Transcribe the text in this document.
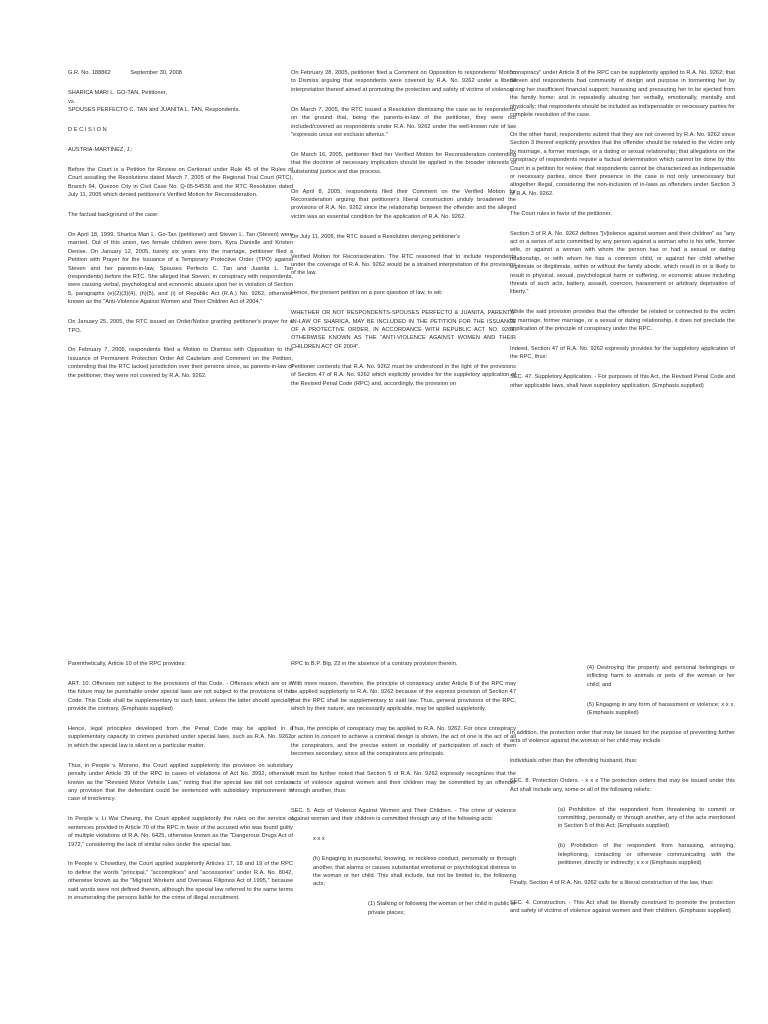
G.R. No. 188862	September 30, 2008

SHARICA MARI L. GO-TAN, Petitioner,

vs.

SPOUSES PERFECTO C. TAN and JUANITA L. TAN, Respondents.

D E C I S I O N

AUSTRIA-MARTINEZ, J.:

Before the Court is a Petition for Review on Certiorari under Rule 45 of the Rules of Court assailing the Resolutions dated March 7, 2005 of the Regional Trial Court (RTC), Branch 94, Quezon City in Civil Case No. Q-05-54536 and the RTC Resolution dated July 11, 2005 which denied petitioner's Verified Motion for Reconsideration.

The factual background of the case:

On April 18, 1999, Sharica Mari L. Go-Tan (petitioner) and Steven L. Tan (Steven) were married. Out of this union, two female children were born, Kyra Danielle and Kristen Denise. On January 12, 2005, barely six years into the marriage, petitioner filed a Petition with Prayer for the Issuance of a Temporary Protective Order (TPO) against Steven and her parents-in-law, Spouses Perfecto C. Tan and Juanita L. Tan (respondents) before the RTC. She alleged that Steven, in conspiracy with respondents, were causing verbal, psychological and economic abuses upon her in violation of Section 5, paragraphs (e)(2)(3)(4), (h)(5), and (i) of Republic Act (R.A.) No. 9262, otherwise known as the "Anti-Violence Against Women and Their Children Act of 2004."

On January 25, 2005, the RTC issued an Order/Notice granting petitioner's prayer for a TPO.

On February 7, 2005, respondents filed a Motion to Dismiss with Opposition to the Issuance of Permanent Protection Order Ad Cautelam and Comment on the Petition, contending that the RTC lacked jurisdiction over their persons since, as parents-in-law of the petitioner, they were not covered by R.A. No. 9262.

On February 28, 2005, petitioner filed a Comment on Opposition to respondents' Motion to Dismiss arguing that respondents were covered by R.A. No. 9262 under a liberal interpretation thereof aimed at promoting the protection and safety of victims of violence.

On March 7, 2005, the RTC issued a Resolution dismissing the case as to respondents on the ground that, being the parents-in-law of the petitioner, they were not included/covered as respondents under R.A. No. 9262 under the well-known rule of law "expressio unius est exclusio alterius."

On March 16, 2005, petitioner filed her Verified Motion for Reconsideration contending that the doctrine of necessary implication should be applied in the broader interests of substantial justice and due process.

On April 8, 2005, respondents filed their Comment on the Verified Motion for Reconsideration arguing that petitioner's liberal construction unduly broadened the provisions of R.A. No. 9262 since the relationship between the offender and the alleged victim was an essential condition for the application of R.A. No. 9262.

On July 11, 2005, the RTC issued a Resolution denying petitioner's

Verified Motion for Reconsideration. The RTC reasoned that to include respondents under the coverage of R.A. No. 9262 would be a strained interpretation of the provisions of the law.

Hence, the present petition on a pure question of law, to wit:

WHETHER OR NOT RESPONDENTS-SPOUSES PERFECTO & JUANITA, PARENTS-IN-LAW OF SHARICA, MAY BE INCLUDED IN THE PETITION FOR THE ISSUANCE OF A PROTECTIVE ORDER, IN ACCORDANCE WITH REPUBLIC ACT NO. 9262, OTHERWISE KNOWN AS THE "ANTI-VIOLENCE AGAINST WOMEN AND THEIR CHILDREN ACT OF 2004".

Petitioner contends that R.A. No. 9262 must be understood in the light of the provisions of Section 47 of R.A. No. 9262 which explicitly provides for the suppletory application of the Revised Penal Code (RPC) and, accordingly, the provision on

"conspiracy" under Article 8 of the RPC can be suppletorily applied to R.A. No. 9262; that Steven and respondents had community of design and purpose in tormenting her by giving her insufficient financial support; harassing and pressuring her to be ejected from the family home; and in repeatedly abusing her verbally, emotionally, mentally and physically; that respondents should be included as indispensable or necessary parties for complete resolution of the case.

On the other hand, respondents submit that they are not covered by R.A. No. 9262 since Section 3 thereof explicitly provides that the offender should be related to the victim only by marriage, a former marriage, or a dating or sexual relationship; that allegations on the conspiracy of respondents require a factual determination which cannot be done by this Court in a petition for review; that respondents cannot be characterized as indispensable or necessary parties, since their presence in the case is not only unnecessary but altogether illegal, considering the non-inclusion of in-laws as offenders under Section 3 of R.A. No. 9262.

The Court rules in favor of the petitioner.

Section 3 of R.A. No. 9262 defines "[v]iolence against women and their children" as "any act or a series of acts committed by any person against a woman who is his wife, former wife, or against a woman with whom the person has or had a sexual or dating relationship, or with whom he has a common child, or against her child whether legitimate or illegitimate, within or without the family abode, which result in or is likely to result in physical, sexual, psychological harm or suffering, or economic abuse including threats of such acts, battery, assault, coercion, harassment or arbitrary deprivation of liberty."

While the said provision provides that the offender be related or connected to the victim by marriage, former marriage, or a sexual or dating relationship, it does not preclude the application of the principle of conspiracy under the RPC.

Indeed, Section 47 of R.A. No. 9262 expressly provides for the suppletory application of the RPC, thus:

SEC. 47. Suppletory Application. - For purposes of this Act, the Revised Penal Code and other applicable laws, shall have suppletory application. (Emphasis supplied)

Parenthetically, Article 10 of the RPC provides:

ART. 10. Offenses not subject to the provisions of this Code. - Offenses which are or in the future may be punishable under special laws are not subject to the provisions of this Code. This Code shall be supplementary to such laws, unless the latter should specially provide the contrary. (Emphasis supplied)

Hence, legal principles developed from the Penal Code may be applied in a supplementary capacity to crimes punished under special laws, such as R.A. No. 9262, in which the special law is silent on a particular matter.

Thus, in People v. Moreno, the Court applied suppletorily the provision on subsidiary penalty under Article 39 of the RPC to cases of violations of Act No. 3992, otherwise known as the "Revised Motor Vehicle Law," noting that the special law did not contain any provision that the defendant could be sentenced with subsidiary imprisonment in case of insolvency.

In People v. Li Wai Cheung, the Court applied suppletorily the rules on the service of sentences provided in Article 70 of the RPC in favor of the accused who was found guilty of multiple violations of R.A. No. 6425, otherwise known as the "Dangerous Drugs Act of 1972," considering the lack of similar rules under the special law.

In People v. Chowdury, the Court applied suppletorily Articles 17, 18 and 19 of the RPC to define the words "principal," "accomplices" and "accessories" under R.A. No. 8042, otherwise known as the "Migrant Workers and Overseas Filipinos Act of 1995," because said words were not defined therein, although the special law referred to the same terms in enumerating the persons liable for the crime of illegal recruitment.

RPC to B.P. Blg. 22 in the absence of a contrary provision therein.

With more reason, therefore, the principle of conspiracy under Article 8 of the RPC may be applied suppletorily to R.A. No. 9262 because of the express provision of Section 47 that the RPC shall be supplementary to said law. Thus, general provisions of the RPC, which by their nature, are necessarily applicable, may be applied suppletorily.

Thus, the principle of conspiracy may be applied to R.A. No. 9262. For once conspiracy or action in concert to achieve a criminal design is shown, the act of one is the act of all the conspirators, and the precise extent or modality of participation of each of them becomes secondary, since all the conspirators are principals.

It must be further noted that Section 5 of R.A. No. 9262 expressly recognizes that the acts of violence against women and their children may be committed by an offender through another, thus:

SEC. 5. Acts of Violence Against Women and Their Children. - The crime of violence against women and their children is committed through any of the following acts:

x x x

(h) Engaging in purposeful, knowing, or reckless conduct, personally or through another, that alarms or causes substantial emotional or psychological distress to the woman or her child. This shall include, but not be limited to, the following acts:

(1) Stalking or following the woman or her child in public or private places;

(4) Destroying the property and personal belongings or inflicting harm to animals or pets of the woman or her child; and

(5) Engaging in any form of harassment or violence; x x x. (Emphasis supplied)

In addition, the protection order that may be issued for the purpose of preventing further acts of violence against the woman or her child may include

individuals other than the offending husband, thus:

SEC. 8. Protection Orders. - x x x The protection orders that may be issued under this Act shall include any, some or all of the following reliefs:

(a) Prohibition of the respondent from threatening to commit or committing, personally or through another, any of the acts mentioned in Section 5 of this Act; (Emphasis supplied)

(b) Prohibition of the respondent from harassing, annoying, telephoning, contacting or otherwise communicating with the petitioner, directly or indirectly; x x x (Emphasis supplied)

Finally, Section 4 of R.A. No. 9262 calls for a liberal construction of the law, thus:

SEC. 4. Construction. - This Act shall be liberally construed to promote the protection and safety of victims of violence against women and their children. (Emphasis supplied)
